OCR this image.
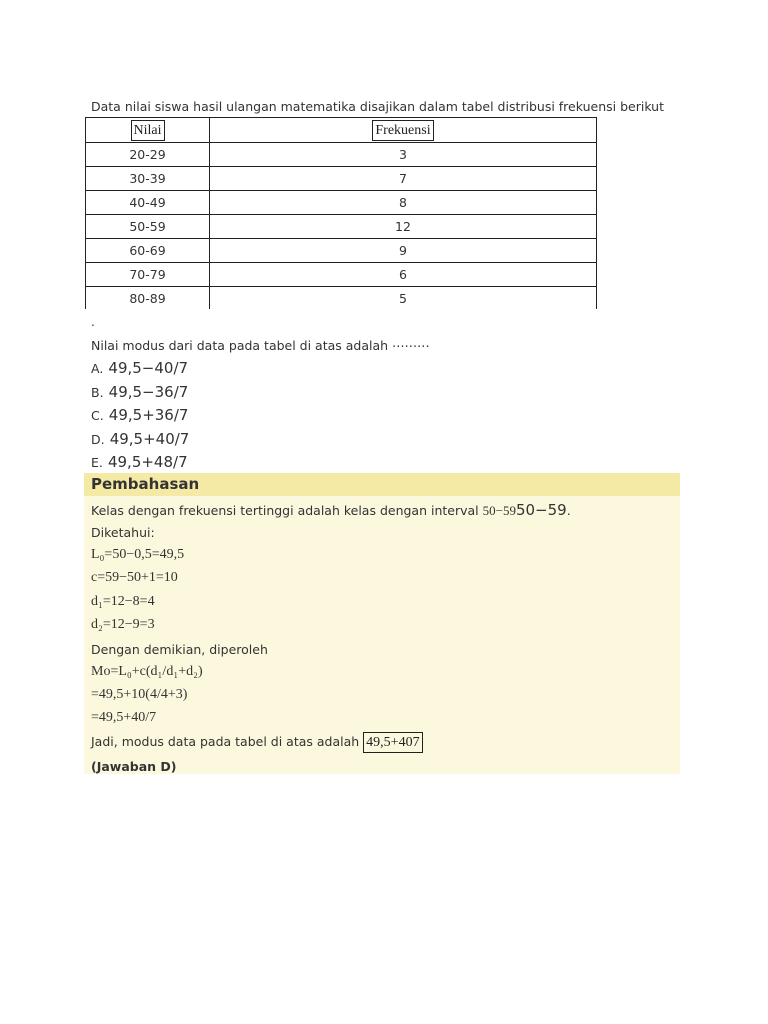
Data nilai siswa hasil ulangan matematika disajikan dalam tabel distribusi frekuensi berikut
Nilai	Frekuensi
20-29	3
30-39	7
40-49	8
50-59	12
60-69	9
70-79	6
80-89	5
.
Nilai modus dari data pada tabel di atas adalah ⋯⋯⋯
A. 49,5−40/7
B. 49,5−36/7
C. 49,5+36/7
D. 49,5+40/7
E. 49,5+48/7
Pembahasan
Kelas dengan frekuensi tertinggi adalah kelas dengan interval 50−5950−59.
Diketahui:
L₀=50−0,5=49,5
c=59−50+1=10
d₁=12−8=4
d₂=12−9=3
Dengan demikian, diperoleh
Mo=L₀+c(d₁/d₁+d₂)
=49,5+10(4/4+3)
=49,5+40/7
Jadi, modus data pada tabel di atas adalah 49,5+407
(Jawaban D)
